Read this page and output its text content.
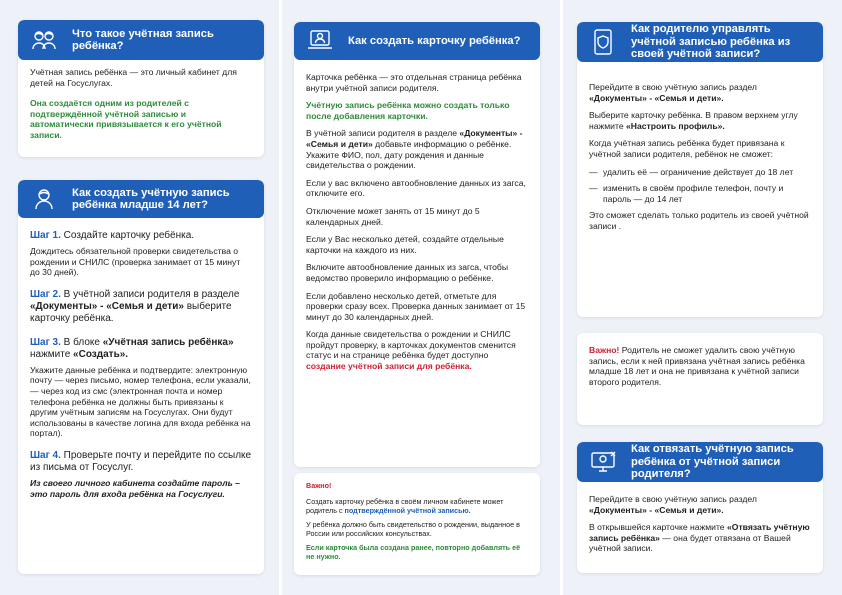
Что такое учётная запись ребёнка?

Учётная запись ребёнка — это личный кабинет для детей на Госуслугах.

Она создаётся одним из родителей с подтверждённой учётной записью и автоматически привязывается к его учётной записи.

Как создать учётную запись ребёнка младше 14 лет?
Шаг 1. Создайте карточку ребёнка.

Дождитесь обязательной проверки свидетельства о рождении и СНИЛС (проверка занимает от 15 минут до 30 дней).

Шаг 2. В учётной записи родителя в разделе «Документы» - «Семья и дети» выберите карточку ребёнка.
Шаг 3. В блоке «Учётная запись ребёнка» нажмите «Создать».

Укажите данные ребёнка и подтвердите: электронную почту — через письмо, номер телефона, если указали, — через код из смс (электронная почта и номер телефона ребёнка не должны быть привязаны к другим учётным записям на Госуслугах. Они будут использованы в качестве логина для входа ребёнка на портал).

Шаг 4. Проверьте почту и перейдите по ссылке из письма от Госуслуг.

Из своего личного кабинета создайте пароль – это пароль для входа ребёнка на Госуслуги.

Как создать карточку ребёнка?

Карточка ребёнка — это отдельная страница ребёнка внутри учётной записи родителя.

Учётную запись ребёнка можно создать только после добавления карточки.

В учётной записи родителя в разделе «Документы» - «Семья и дети» добавьте информацию о ребёнке. Укажите ФИО, пол, дату рождения и данные свидетельства о рождении.

Если у вас включено автообновление данных из загса, отключите его.

Отключение может занять от 15 минут до 5 календарных дней.

Если у Вас несколько детей, создайте отдельные карточки на каждого из них.

Включите автообновление данных из загса, чтобы ведомство проверило информацию о ребёнке.

Если добавлено несколько детей, отметьте для проверки сразу всех. Проверка данных занимает от 15 минут до 30 календарных дней.

Когда данные свидетельства о рождении и СНИЛС пройдут проверку, в карточках документов сменится статус и на странице ребёнка будет доступно создание учётной записи для ребёнка.

Важно!

Создать карточку ребёнка в своём личном кабинете может родитель с подтверждённой учётной записью.

У ребёнка должно быть свидетельство о рождении, выданное в России или российских консульствах.

Если карточка была создана ранее, повторно добавлять её не нужно.

Как родителю управлять учётной записью ребёнка из своей учётной записи?

Перейдите в свою учётную запись раздел «Документы» - «Семья и дети».

Выберите карточку ребёнка. В правом верхнем углу нажмите «Настроить профиль».

Когда учётная запись ребёнка будет привязана к учётной записи родителя, ребёнок не сможет:

— удалить её — ограничение действует до 18 лет
— изменить в своём профиле телефон, почту и пароль — до 14 лет

Это сможет сделать только родитель из своей учётной записи .

Важно! Родитель не сможет удалить свою учётную запись, если к ней привязана учётная запись ребёнка младше 18 лет и она не привязана к учётной записи второго родителя.

Как отвязать учётную запись ребёнка от учётной записи родителя?

Перейдите в свою учётную запись раздел «Документы» - «Семья и дети».

В открывшейся карточке нажмите «Отвязать учётную запись ребёнка» — она будет отвязана от Вашей учётной записи.
